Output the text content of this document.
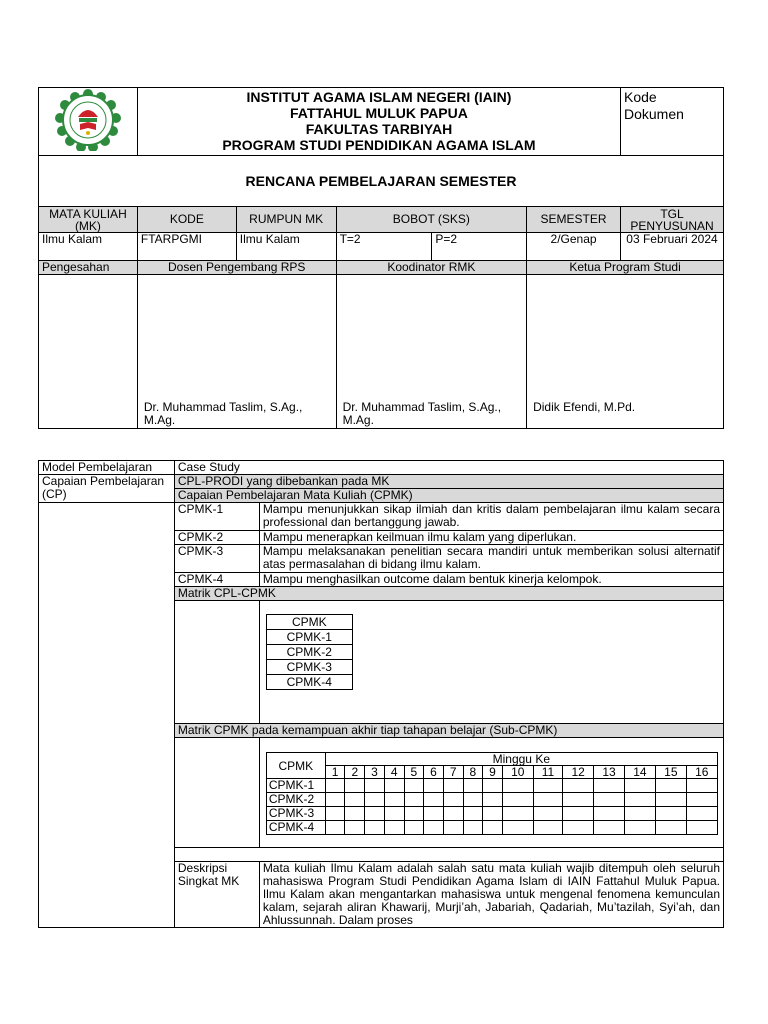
INSTITUT AGAMA ISLAM NEGERI (IAIN)
FATTAHUL MULUK PAPUA
FAKULTAS TARBIYAH
PROGRAM STUDI PENDIDIKAN AGAMA ISLAM					Kode Dokumen
RENCANA PEMBELAJARAN SEMESTER						
MATA KULIAH (MK)	KODE	RUMPUN MK	BOBOT (SKS)		SEMESTER	TGL PENYUSUNAN
Ilmu Kalam	FTARPGMI	Ilmu Kalam	T=2	P=2	2/Genap	03 Februari 2024
Pengesahan	Dosen Pengembang RPS		Koodinator RMK		Ketua Program Studi	
	Dr. Muhammad Taslim, S.Ag., M.Ag.		Dr. Muhammad Taslim, S.Ag., M.Ag.		Didik Efendi, M.Pd.	
Model Pembelajaran	Case Study
Capaian Pembelajaran (CP)	CPL-PRODI yang dibebankan pada MK
Capaian Pembelajaran Mata Kuliah (CPMK)
	CPMK-1	Mampu menunjukkan sikap ilmiah dan kritis dalam pembelajaran ilmu kalam secara professional dan bertanggung jawab.
CPMK-2	Mampu menerapkan keilmuan ilmu kalam yang diperlukan.
CPMK-3	Mampu melaksanakan penelitian secara mandiri untuk memberikan solusi alternatif atas permasalahan di bidang ilmu kalam.
CPMK-4	Mampu menghasilkan outcome dalam bentuk kinerja kelompok.
Matrik CPL-CPMK

CPMK
CPMK-1
CPMK-2
CPMK-3
CPMK-4

Matrik CPMK pada kemampuan akhir tiap tahapan belajar (Sub-CPMK)

CPMK	Minggu Ke
1	2	3	4	5	6	7	8	9	10	11	12	13	14	15	16
CPMK-1																
CPMK-2																
CPMK-3																
CPMK-4																

Deskripsi Singkat MK	Mata kuliah Ilmu Kalam adalah salah satu mata kuliah wajib ditempuh oleh seluruh mahasiswa Program Studi Pendidikan Agama Islam di IAIN Fattahul Muluk Papua. Ilmu Kalam akan mengantarkan mahasiswa untuk mengenal fenomena kemunculan kalam, sejarah aliran Khawarij, Murji’ah, Jabariah, Qadariah, Mu’tazilah, Syi’ah, dan Ahlussunnah. Dalam proses
